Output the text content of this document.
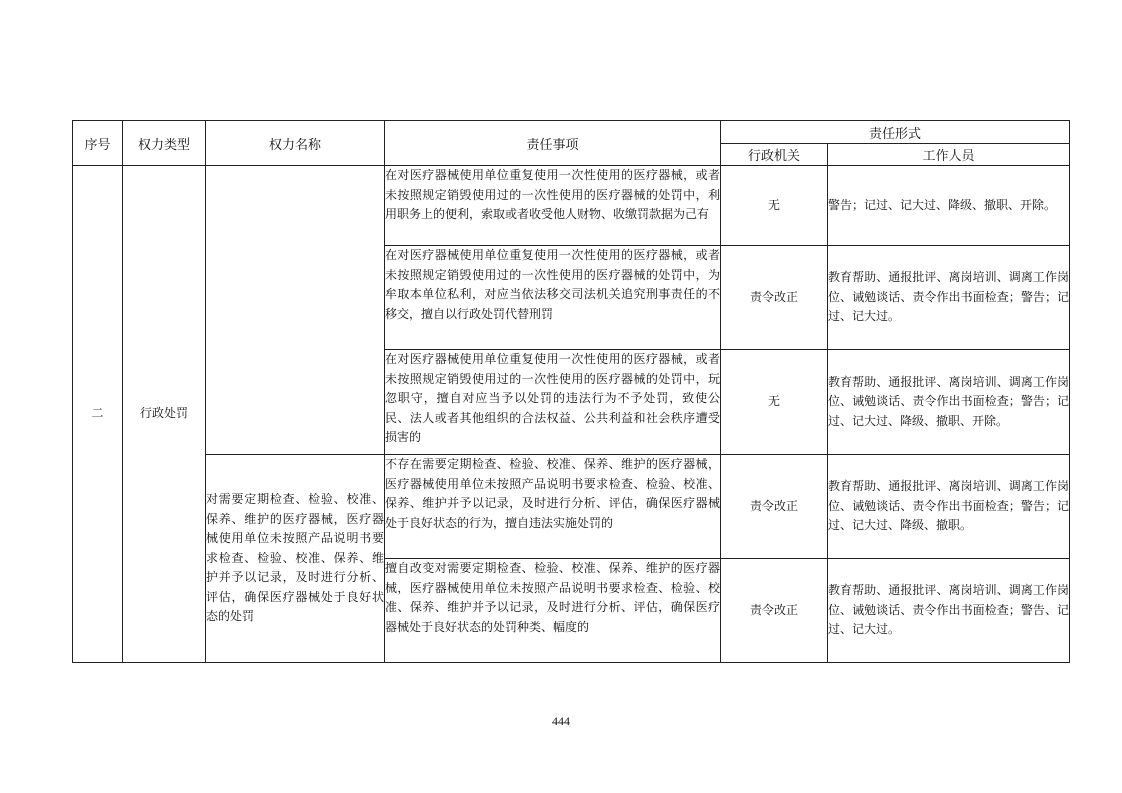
序号	权力类型	权力名称	责任事项	责任形式	
				行政机关	工作人员
二	行政处罚		在对医疗器械使用单位重复使用一次性使用的医疗器械，或者未按照规定销毁使用过的一次性使用的医疗器械的处罚中，利用职务上的便利，索取或者收受他人财物、收缴罚款据为己有	无	警告；记过、记大过、降级、撤职、开除。
			在对医疗器械使用单位重复使用一次性使用的医疗器械，或者未按照规定销毁使用过的一次性使用的医疗器械的处罚中，为牟取本单位私利，对应当依法移交司法机关追究刑事责任的不移交，擅自以行政处罚代替刑罚	责令改正	教育帮助、通报批评、离岗培训、调离工作岗位、诫勉谈话、责令作出书面检查；警告；记过、记大过。
			在对医疗器械使用单位重复使用一次性使用的医疗器械，或者未按照规定销毁使用过的一次性使用的医疗器械的处罚中，玩忽职守，擅自对应当予以处罚的违法行为不予处罚，致使公民、法人或者其他组织的合法权益、公共利益和社会秩序遭受损害的	无	教育帮助、通报批评、离岗培训、调离工作岗位、诫勉谈话、责令作出书面检查；警告；记过、记大过、降级、撤职、开除。
		对需要定期检查、检验、校准、保养、维护的医疗器械，医疗器械使用单位未按照产品说明书要求检查、检验、校准、保养、维护并予以记录，及时进行分析、评估，确保医疗器械处于良好状态的处罚	不存在需要定期检查、检验、校准、保养、维护的医疗器械，医疗器械使用单位未按照产品说明书要求检查、检验、校准、保养、维护并予以记录，及时进行分析、评估，确保医疗器械处于良好状态的行为，擅自违法实施处罚的	责令改正	教育帮助、通报批评、离岗培训、调离工作岗位、诫勉谈话、责令作出书面检查；警告；记过、记大过、降级、撤职。
			擅自改变对需要定期检查、检验、校准、保养、维护的医疗器械，医疗器械使用单位未按照产品说明书要求检查、检验、校准、保养、维护并予以记录，及时进行分析、评估，确保医疗器械处于良好状态的处罚种类、幅度的	责令改正	教育帮助、通报批评、离岗培训、调离工作岗位、诫勉谈话、责令作出书面检查；警告、记过、记大过。
444
